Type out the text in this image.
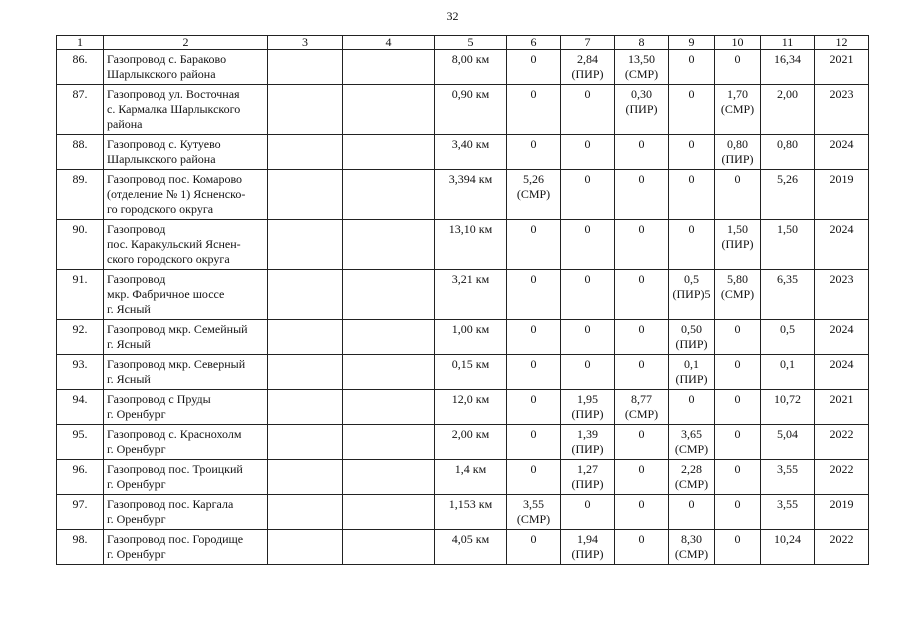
32
1	2	3	4	5	6	7	8	9	10	11	12
86.	Газопровод с. Бараково
Шарлыкского района			8,00 км	0	2,84
(ПИР)	13,50
(СМР)	0	0	16,34	2021
87.	Газопровод ул. Восточная
с. Кармалка Шарлыкского
района			0,90 км	0	0	0,30
(ПИР)	0	1,70
(СМР)	2,00	2023
88.	Газопровод с. Кутуево
Шарлыкского района			3,40 км	0	0	0	0	0,80
(ПИР)	0,80	2024
89.	Газопровод пос. Комарово
(отделение № 1) Ясненско-
го городского округа			3,394 км	5,26
(СМР)	0	0	0	0	5,26	2019
90.	Газопровод
пос. Каракульский Яснен-
ского городского округа			13,10 км	0	0	0	0	1,50
(ПИР)	1,50	2024
91.	Газопровод
мкр. Фабричное шоссе
г. Ясный			3,21 км	0	0	0	0,5
(ПИР)5	5,80
(СМР)	6,35	2023
92.	Газопровод мкр. Семейный
г. Ясный			1,00 км	0	0	0	0,50
(ПИР)	0	0,5	2024
93.	Газопровод мкр. Северный
г. Ясный			0,15 км	0	0	0	0,1
(ПИР)	0	0,1	2024
94.	Газопровод с Пруды
г. Оренбург			12,0 км	0	1,95
(ПИР)	8,77
(СМР)	0	0	10,72	2021
95.	Газопровод с. Краснохолм
г. Оренбург			2,00 км	0	1,39
(ПИР)	0	3,65
(СМР)	0	5,04	2022
96.	Газопровод пос. Троицкий
г. Оренбург			1,4 км	0	1,27
(ПИР)	0	2,28
(СМР)	0	3,55	2022
97.	Газопровод пос. Каргала
г. Оренбург			1,153 км	3,55
(СМР)	0	0	0	0	3,55	2019
98.	Газопровод пос. Городище
г. Оренбург			4,05 км	0	1,94
(ПИР)	0	8,30
(СМР)	0	10,24	2022
